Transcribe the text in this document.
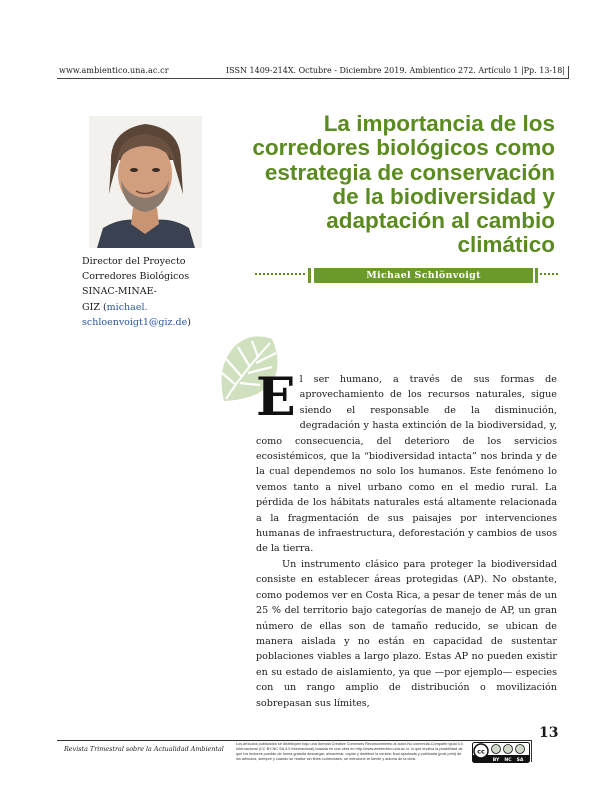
www.ambientico.una.ac.cr	ISSN 1409-214X. Octubre - Diciembre 2019. Ambientico 272. Artículo 1 |Pp. 13-18|
La importancia de los
corredores biológicos como
estrategia de conservación
de la biodiversidad y
adaptación al cambio
climático
Michael Schlönvoigt
Director del Proyecto
Corredores Biológicos
SINAC-MINAE-
GIZ (michael.
schloenvoigt1@giz.de)

El ser humano, a través de sus formas de aprovechamiento de los recursos naturales, sigue siendo el responsable de la disminución, degradación y hasta extinción de la biodiversidad, y, como consecuencia, del deterioro de los servicios ecosistémicos, que la “biodiversidad intacta” nos brinda y de la cual dependemos no solo los humanos. Este fenómeno lo vemos tanto a nivel urbano como en el medio rural. La pérdida de los hábitats naturales está altamente relacionada a la fragmentación de sus paisajes por intervenciones humanas de infraestructura, deforestación y cambios de usos de la tierra.

Un instrumento clásico para proteger la biodiversidad consiste en establecer áreas protegidas (AP). No obstante, como podemos ver en Costa Rica, a pesar de tener más de un 25 % del territorio bajo categorías de manejo de AP, un gran número de ellas son de tamaño reducido, se ubican de manera aislada y no están en capacidad de sustentar poblaciones viables a largo plazo. Estas AP no pueden existir en su estado de aislamiento, ya que —por ejemplo— especies con un rango amplio de distribución o movilización sobrepasan sus límites,

13
Revista Trimestral sobre la Actualidad Ambiental
Los artículos publicados se distribuyen bajo una licencia Creative Commons Reconocimiento al autor-No comercial-Compartir igual 4.0 Internacional (CC BY-NC SA 4.0 Internacional) basada en una obra en http://www.ambientico.una.ac.cr, lo que implica la posibilidad de que los lectores puedan de forma gratuita descargar, almacenar, copiar y distribuir la versión final aprobada y publicada (post print) de los artículos, siempre y cuando se realice sin fines comerciales, se mencione la fuente y autoría de la obra.
cc
BY NC SA
